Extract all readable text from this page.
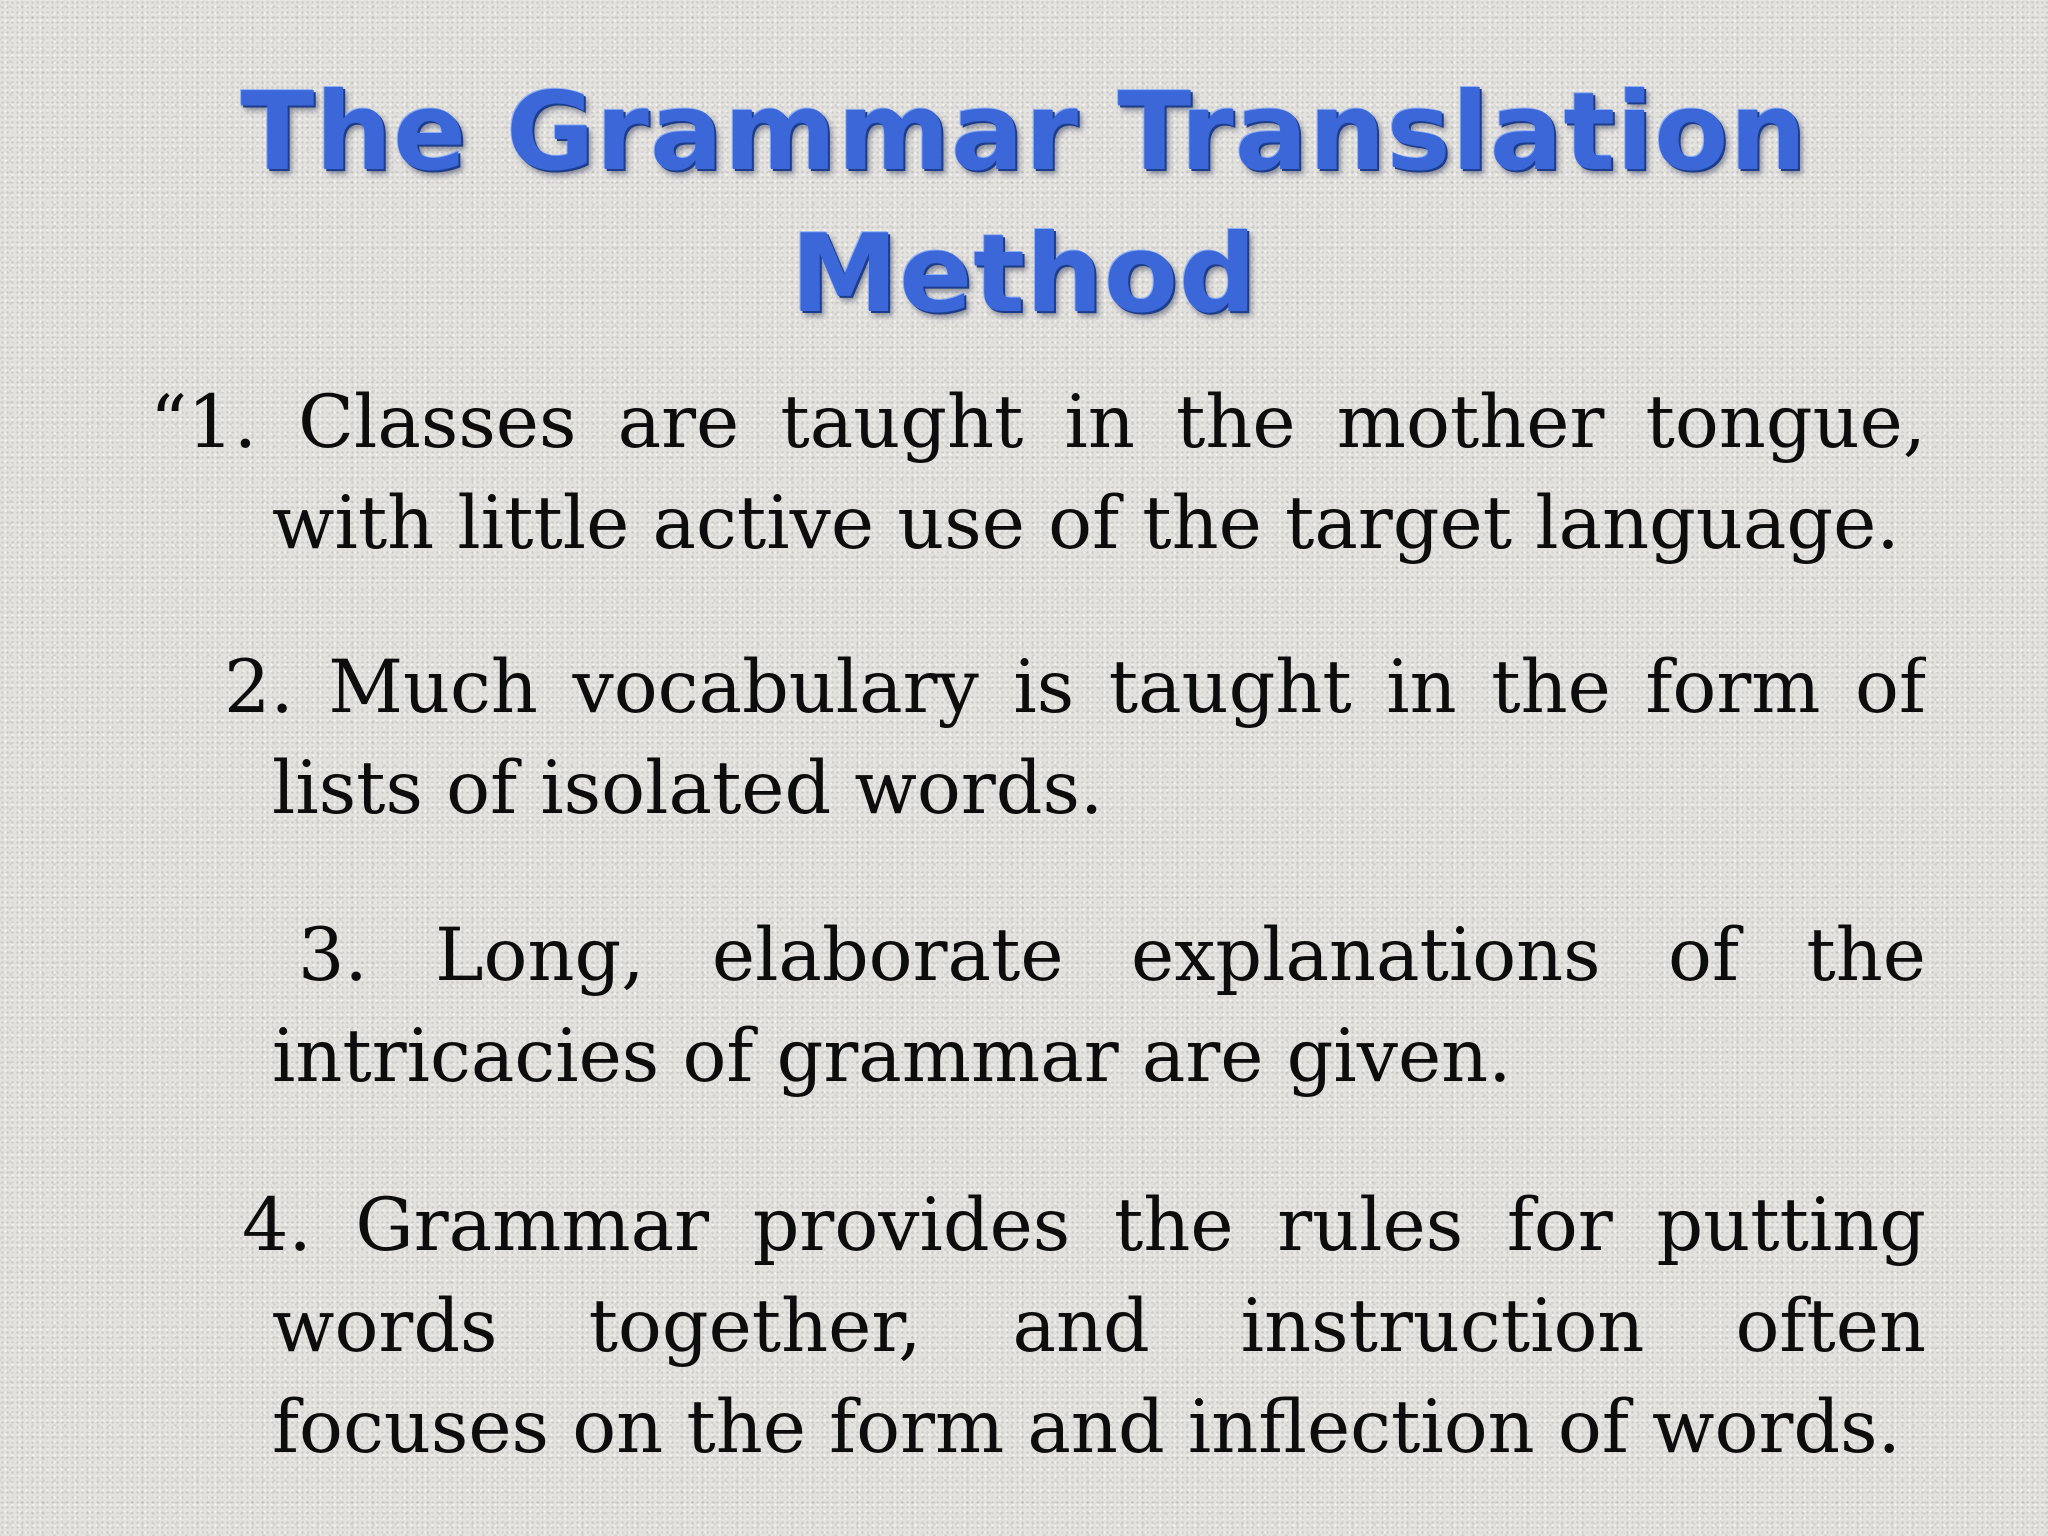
The Grammar Translation
Method
“1. Classes are taught in the mother tongue,
with little active use of the target language.
2. Much vocabulary is taught in the form of
lists of isolated words.
3. Long, elaborate explanations of the
intricacies of grammar are given.
4. Grammar provides the rules for putting
words together, and instruction often
focuses on the form and inflection of words.
